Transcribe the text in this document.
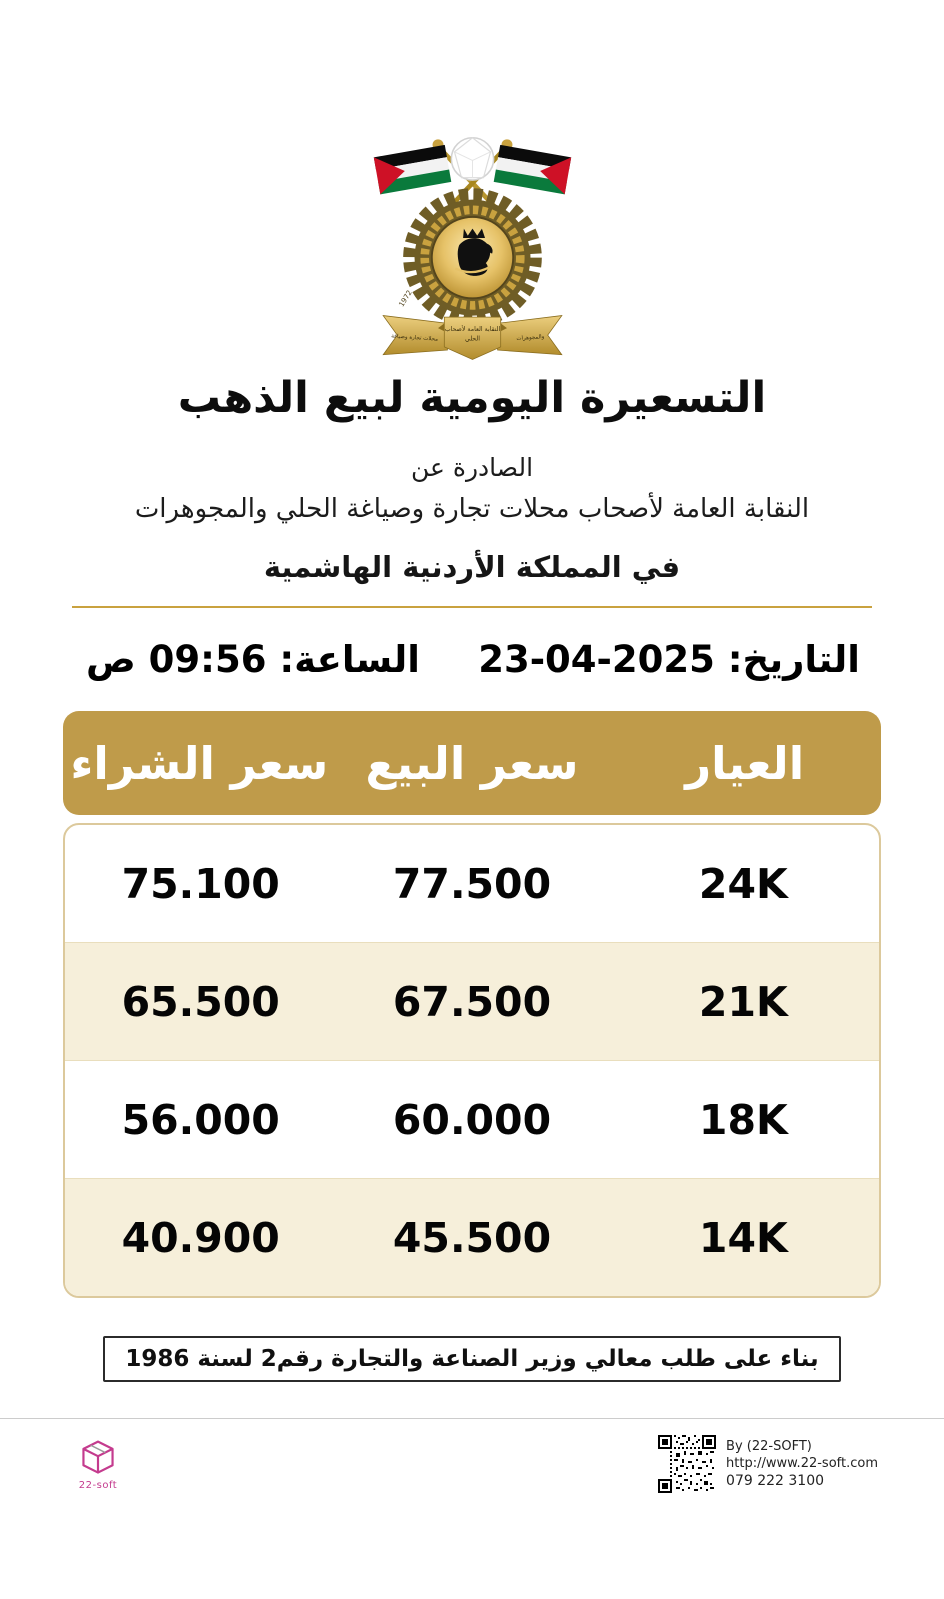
1972
النقابة العامة لأصحاب
الحلي
محلات تجارة وصياغة	والمجوهرات
التسعيرة اليومية لبيع الذهب
الصادرة عن
النقابة العامة لأصحاب محلات تجارة وصياغة الحلي والمجوهرات
في المملكة الأردنية الهاشمية
التاريخ: 23-04-2025
الساعة: 09:56 ص
العيار
سعر البيع
سعر الشراء
24K
77.500
75.100
21K
67.500
65.500
18K
60.000
56.000
14K
45.500
40.900
بناء على طلب معالي وزير الصناعة والتجارة رقم2 لسنة 1986
22-soft
By (22-SOFT)
http://www.22-soft.com
079 222 3100
